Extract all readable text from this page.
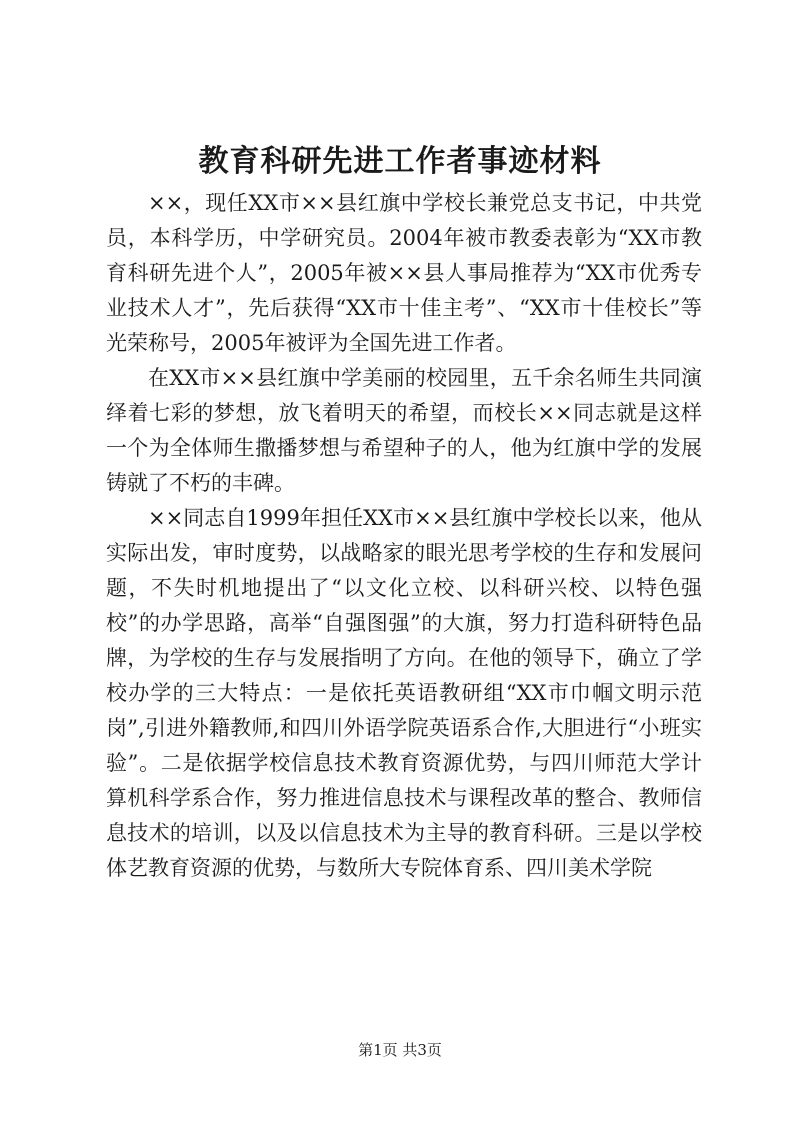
教育科研先进工作者事迹材料

××，现任XX市××县红旗中学校长兼党总支书记，中共党员，本科学历，中学研究员。2004年被市教委表彰为“XX市教育科研先进个人”，2005年被××县人事局推荐为“XX市优秀专业技术人才”，先后获得“XX市十佳主考”、“XX市十佳校长”等光荣称号，2005年被评为全国先进工作者。

在XX市××县红旗中学美丽的校园里，五千余名师生共同演绎着七彩的梦想，放飞着明天的希望，而校长××同志就是这样一个为全体师生撒播梦想与希望种子的人，他为红旗中学的发展铸就了不朽的丰碑。

××同志自1999年担任XX市××县红旗中学校长以来，他从实际出发，审时度势，以战略家的眼光思考学校的生存和发展问题，不失时机地提出了“以文化立校、以科研兴校、以特色强校”的办学思路，高举“自强图强”的大旗，努力打造科研特色品牌，为学校的生存与发展指明了方向。在他的领导下，确立了学校办学的三大特点：一是依托英语教研组“XX市巾帼文明示范岗”,引进外籍教师,和四川外语学院英语系合作,大胆进行“小班实验”。二是依据学校信息技术教育资源优势，与四川师范大学计算机科学系合作，努力推进信息技术与课程改革的整合、教师信息技术的培训，以及以信息技术为主导的教育科研。三是以学校体艺教育资源的优势，与数所大专院体育系、四川美术学院

第1页 共3页
